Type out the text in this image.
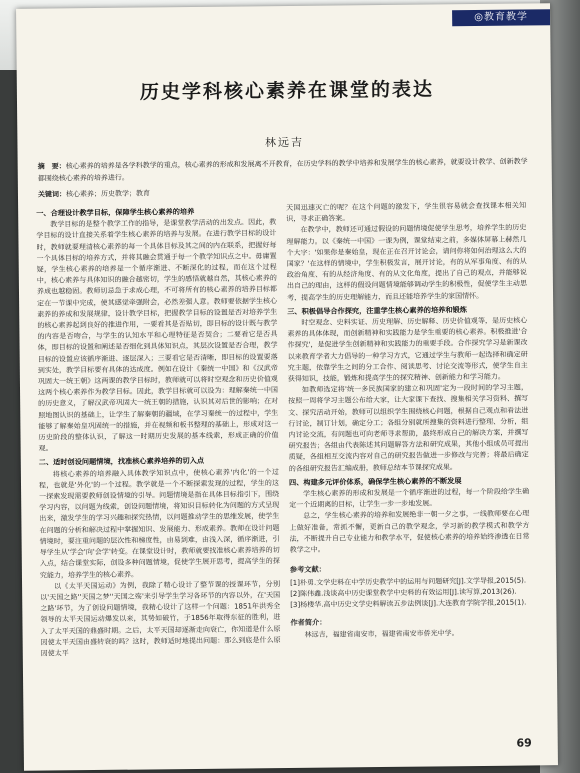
◎教育教学
历史学科核心素养在课堂的表达
林远吉
摘　要：核心素养的培养是各学科教学的重点，核心素养的形成和发展离不开教育，在历史学科的教学中培养和发展学生的核心素养，就要设计教学、创新教学都围绕核心素养的培养进行。
关键词：核心素养；历史教学；教育
一、合理设计教学目标，保障学生核心素养的培养

教学目标的是整个教学工作的指导，是课堂教学活动的出发点。因此，教学目标的设计直接关系着学生核心素养的培养与发展。在进行教学目标的设计时，教师就要理清核心素养的每一个具体目标及其之间的内在联系，把握好每一个具体目标的培养方式，并将其融会贯通于每一个教学知识点之中。毋庸置疑，学生核心素养的培养是一个循序渐进、不断深化的过程，而在这个过程中，核心素养与具体知识的融合越密切，学生的感悟就越自然，其核心素养的养成也越稳固。教师切忌急于求成心理，不可将所有的核心素养的培养目标都定在一节课中完成，使其感觉牵强附会，必然差强人意。教师要依据学生核心素养的养成和发展规律，设计教学目标，把握教学目标的设置是否对培养学生的核心素养起到良好的推进作用，一要看其是否贴切，即目标的设计既与教学的内容是否吻合，与学生的认知水平和心理特征是否契合；二要看它是否具体，即目标的设置和阐述是否细化到具体知识点，其层次设置是否合理，教学目标的设置应该循序渐进、逐层深入；三要看它是否清晰，即目标的设置要落到实处，教学目标要有具体的达成度。例如在设计《秦统一中国》和《汉武帝巩固大一统王朝》这两课的教学目标时，教师就可以将时空观念和历史价值观这两个核心素养作为教学目标。因此，教学目标就可以设为：理解秦统一中国的历史意义，了解汉武帝巩固大一统王朝的措施，认识其对后世的影响；在对照地图认识的基础上，让学生了解秦朝的疆域，在学习秦统一的过程中，学生能够了解秦始皇巩固统一的措施，并在视频和板书整理的基础上，形成对这一历史阶段的整体认识，了解这一时期历史发展的基本线索，形成正确的价值观。

二、适时创设问题情境，找准核心素养培养的切入点

将核心素养的培养融入具体教学知识点中，使核心素养'内化'的一个过程，也就是'外化'的一个过程。教学就是一个不断探索发现的过程，学生的这一探索发现需要教师创设情境的引导。问题情境是指在具体目标指引下，围绕学习内容，以问题为线索，创设问题情境，将知识目标转化为问题的方式呈现出来，激发学生的学习兴趣和探究热情，以问题推动学生的思维发展，使学生在问题的分析和解决过程中掌握知识、发展能力、形成素养。教师在设计问题情境时，要注重问题的层次性和梯度性，由易到难，由浅入深，循序渐进，引导学生从'学会'向'会学'转变。在课堂设计时，教师就要找准核心素养培养的切入点，结合课堂实际，创设多种问题情境，促使学生展开思考，提高学生的探究能力，培养学生的核心素养。

以《太平天国运动》为例，我除了精心设计了整节课的授课环节，分别以'天国之路''天国之梦''天国之殇'来引导学生学习各环节的内容以外，在'天国之路'环节，为了创设问题情境，我精心设计了这样一个问题：1851年洪秀全领导的太平天国运动爆发以来，其势如破竹，于1856年取得东征的胜利，进入了太平天国的鼎盛时期。之后，太平天国却逐渐走向衰亡，你知道是什么原因使太平天国由盛转衰的吗？这时，教师适时地提出问题：那么到底是什么原因使太平

天国迅速灭亡的呢？在这个问题的激发下，学生很容易就会查找课本相关知识，寻求正确答案。

在教学中，教师还可通过假设的问题情境促使学生思考，培养学生的历史理解能力。以《秦统一中国》一课为例，课堂结束之前，多媒体屏幕上赫然几个大字：'如果你是秦始皇，现在正在召开讨论会，请问你将如何治理这么大的国家？'在这样的情境中，学生积极发言，展开讨论，有的从军事角度、有的从政治角度、有的从经济角度、有的从文化角度，提出了自己的观点，并能够说出自己的理由，这样的假设问题情境能够调动学生的积极性，促使学生主动思考，提高学生的历史理解能力，而且还能培养学生的家国情怀。

三、积极倡导合作探究，注重学生核心素养的培养和锻炼

时空观念、史料实证、历史理解、历史解释、历史价值观等，是历史核心素养的具体体现，而创新精神和实践能力是学生重要的核心素养。积极推进'合作探究'，是促进学生创新精神和实践能力的重要手段。合作探究学习是新课改以来教育学者大力倡导的一种学习方式，它通过学生与教师一起选择和确定研究主题，依靠学生之间的分工合作、阅读思考、讨论交流等形式，使学生自主获得知识，技能，锻炼和提高学生的探究精神、创新能力和学习能力。

如教师选定将'统一多民族国家的建立和巩固'定为一段时间的学习主题，按照一周将学习主题公布给大家，让大家课下查找、搜集相关学习资料、撰写文、探究活动开始，教师可以组织学生围绕核心问题，根据自己观点和看法进行讨论，制订计划，确定分工；各组分别就所搜集的资料进行整理、分析，组内讨论交流，有问题也可向老师寻求帮助，最终形成自己的解决方案，并撰写研究报告；各组由代表陈述其问题解答方法和研究成果，其他小组成员可提出质疑，各组相互交流内容对自己的研究报告做进一步修改与完善；将最后确定的各组研究报告汇编成册，教师总结本节课探究成果。

四、构建多元评价体系，确保学生核心素养的不断发展

学生核心素养的形成和发展是一个循序渐进的过程，每一个阶段给学生确定一个近期离的目标，让学生一步一步地发展。

总之，学生核心素养的培养和发展绝非一朝一夕之事，一线教师要在心理上做好准备，常抓不懈，更新自己的教学观念，学习新的教学模式和教学方法，不断提升自己专业能力和教学水平，促使核心素养的培养始终渗透在日常教学之中。

参考文献：

[1]朴勇.文学史料在中学历史教学中的运用与问题研究[J].文学导报,2015(5).

[2]陈伟鑫.浅谈高中历史课堂教学中史料的有效运用[J].读写算,2013(26).

[3]杨楼华.高中历史文学史料解读五步法例谈[J].大连教育学院学报,2015(1).

作者简介：

林远吉，福建省南安市，福建省南安市侨光中学。

69
